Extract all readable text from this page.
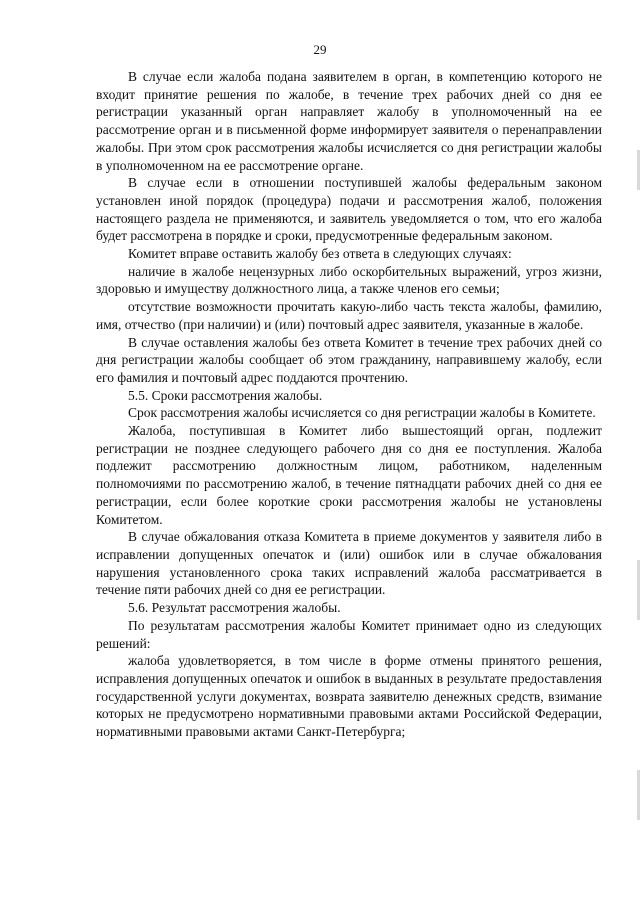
29

В случае если жалоба подана заявителем в орган, в компетенцию которого не входит принятие решения по жалобе, в течение трех рабочих дней со дня ее регистрации указанный орган направляет жалобу в уполномоченный на ее рассмотрение орган и в письменной форме информирует заявителя о перенаправлении жалобы. При этом срок рассмотрения жалобы исчисляется со дня регистрации жалобы в уполномоченном на ее рассмотрение органе.

В случае если в отношении поступившей жалобы федеральным законом установлен иной порядок (процедура) подачи и рассмотрения жалоб, положения настоящего раздела не применяются, и заявитель уведомляется о том, что его жалоба будет рассмотрена в порядке и сроки, предусмотренные федеральным законом.

Комитет вправе оставить жалобу без ответа в следующих случаях:

наличие в жалобе нецензурных либо оскорбительных выражений, угроз жизни, здоровью и имуществу должностного лица, а также членов его семьи;

отсутствие возможности прочитать какую-либо часть текста жалобы, фамилию, имя, отчество (при наличии) и (или) почтовый адрес заявителя, указанные в жалобе.

В случае оставления жалобы без ответа Комитет в течение трех рабочих дней со дня регистрации жалобы сообщает об этом гражданину, направившему жалобу, если его фамилия и почтовый адрес поддаются прочтению.

5.5. Сроки рассмотрения жалобы.

Срок рассмотрения жалобы исчисляется со дня регистрации жалобы в Комитете.

Жалоба, поступившая в Комитет либо вышестоящий орган, подлежит регистрации не позднее следующего рабочего дня со дня ее поступления. Жалоба подлежит рассмотрению должностным лицом, работником, наделенным полномочиями по рассмотрению жалоб, в течение пятнадцати рабочих дней со дня ее регистрации, если более короткие сроки рассмотрения жалобы не установлены Комитетом.

В случае обжалования отказа Комитета в приеме документов у заявителя либо в исправлении допущенных опечаток и (или) ошибок или в случае обжалования нарушения установленного срока таких исправлений жалоба рассматривается в течение пяти рабочих дней со дня ее регистрации.

5.6. Результат рассмотрения жалобы.

По результатам рассмотрения жалобы Комитет принимает одно из следующих решений:

жалоба удовлетворяется, в том числе в форме отмены принятого решения, исправления допущенных опечаток и ошибок в выданных в результате предоставления государственной услуги документах, возврата заявителю денежных средств, взимание которых не предусмотрено нормативными правовыми актами Российской Федерации, нормативными правовыми актами Санкт-Петербурга;
